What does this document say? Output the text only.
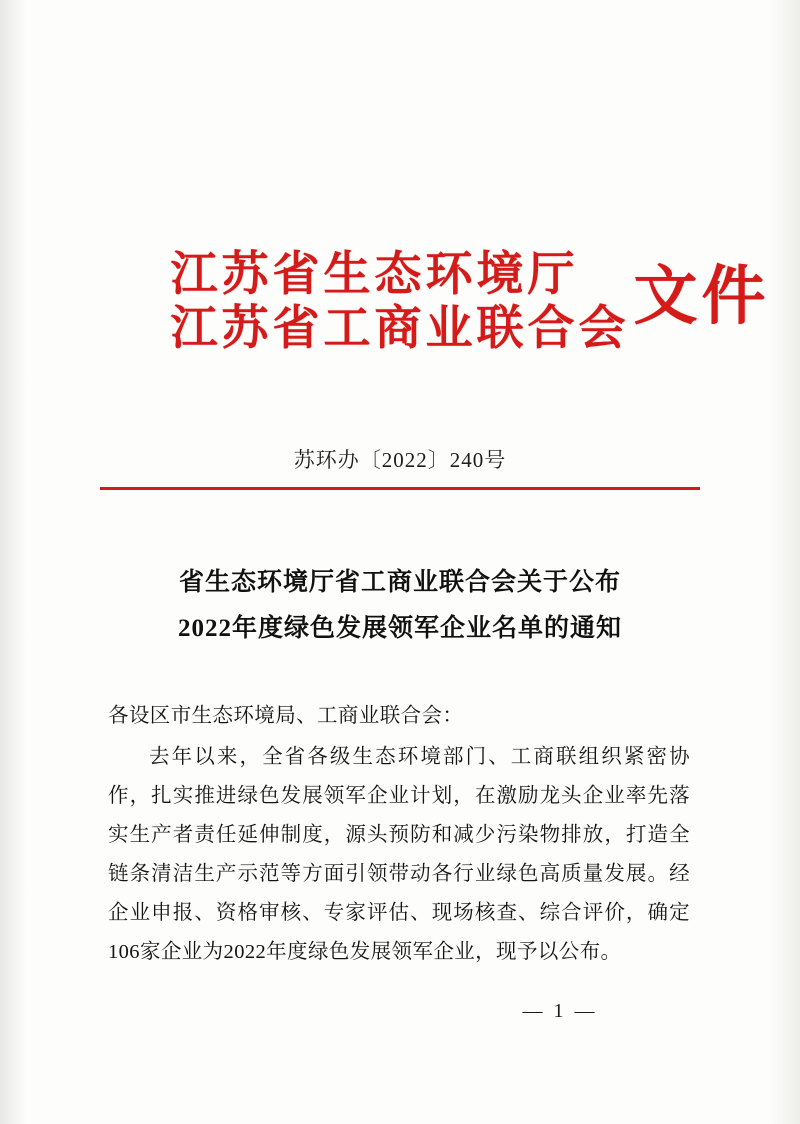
江苏省生态环境厅
江苏省工商业联合会 文件
苏环办〔2022〕240号
省生态环境厅省工商业联合会关于公布
2022年度绿色发展领军企业名单的通知
各设区市生态环境局、工商业联合会：
去年以来，全省各级生态环境部门、工商联组织紧密协作，扎实推进绿色发展领军企业计划，在激励龙头企业率先落实生产者责任延伸制度，源头预防和减少污染物排放，打造全链条清洁生产示范等方面引领带动各行业绿色高质量发展。经企业申报、资格审核、专家评估、现场核查、综合评价，确定106家企业为2022年度绿色发展领军企业，现予以公布。
— 1 —
